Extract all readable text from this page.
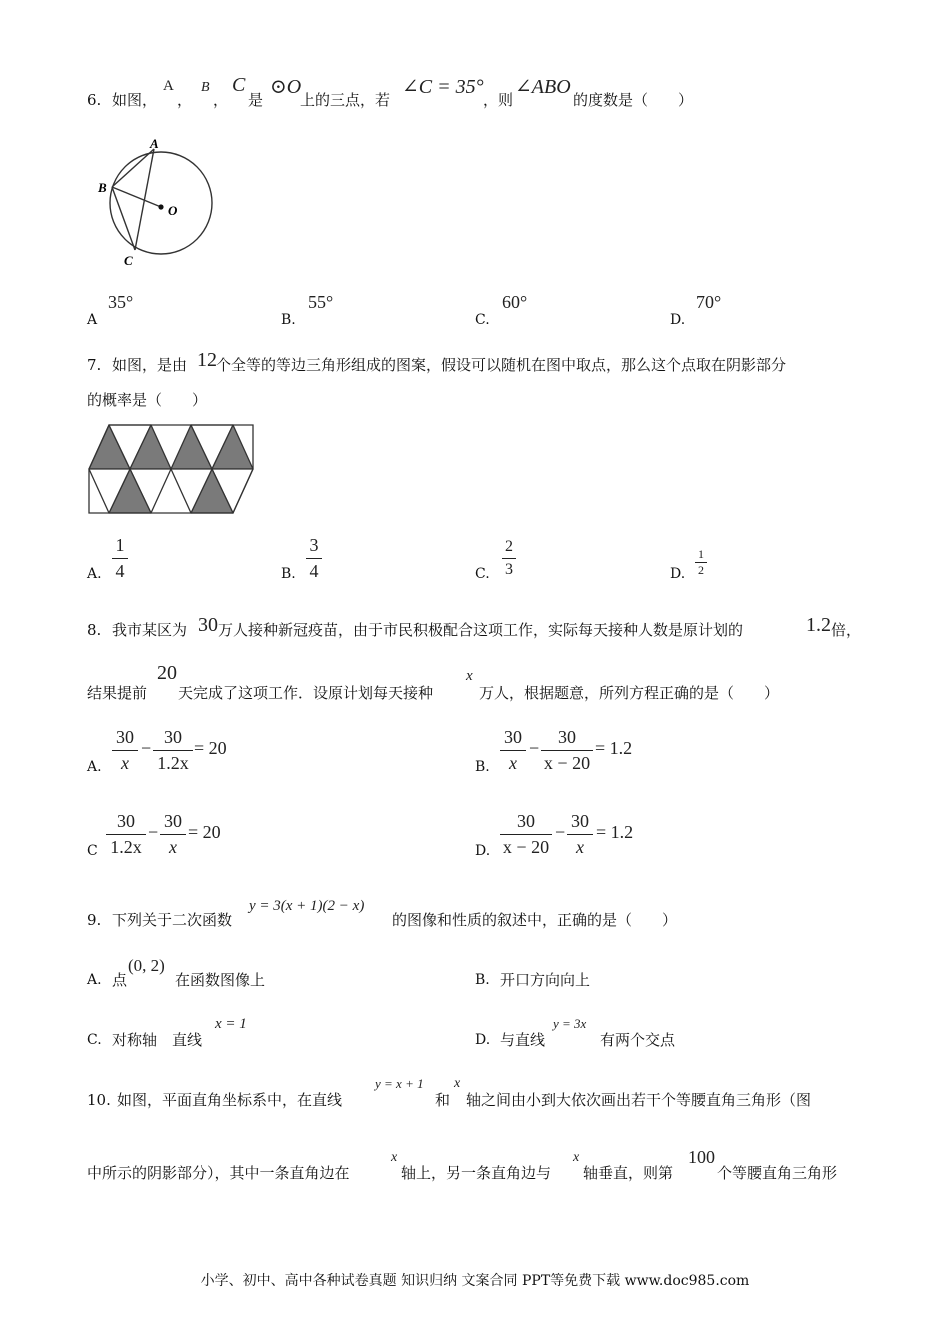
6. 如图，
A
，
B
，
C
是
⊙O
上的三点，若
∠C = 35°
，则
∠ABO
的度数是（　　）
A
B
C
O
A
35°
B.
55°
C.
60°
D.
70°
7. 如图，是由 12 个全等的等边三角形组成的图案，假设可以随机在图中取点，那么这个点取在阴影部分
的概率是（　　）
A.
1
4	B.
3
4	C.
2
3	D.
1
2
8. 我市某区为 30 万人接种新冠疫苗，由于市民积极配合这项工作，实际每天接种人数是原计划的	1.2 倍，
结果提前
20
天完成了这项工作．设原计划每天接种
x
万人，根据题意，所列方程正确的是（　　）
A.
30
x
−
30
1.2x
= 20
B.
30
x
−
30
x − 20
= 1.2
C
30
1.2x
−
30
x
= 20
D.
30
x − 20
−
30
x
= 1.2
9. 下列关于二次函数
y = 3(x + 1)(2 − x)
的图像和性质的叙述中，正确的是（　　）
A. 点
(0, 2)
在函数图像上	B. 开口方向向上
C. 对称轴　直线
x = 1
D. 与直线
y = 3x
有两个交点
10. 如图，平面直角坐标系中，在直线
y = x + 1
和
x
轴之间由小到大依次画出若干个等腰直角三角形（图
中所示的阴影部分），其中一条直角边在
x
轴上，另一条直角边与
x
轴垂直，则第
100
个等腰直角三角形
小学、初中、高中各种试卷真题 知识归纳 文案合同 PPT等免费下载 www.doc985.com
